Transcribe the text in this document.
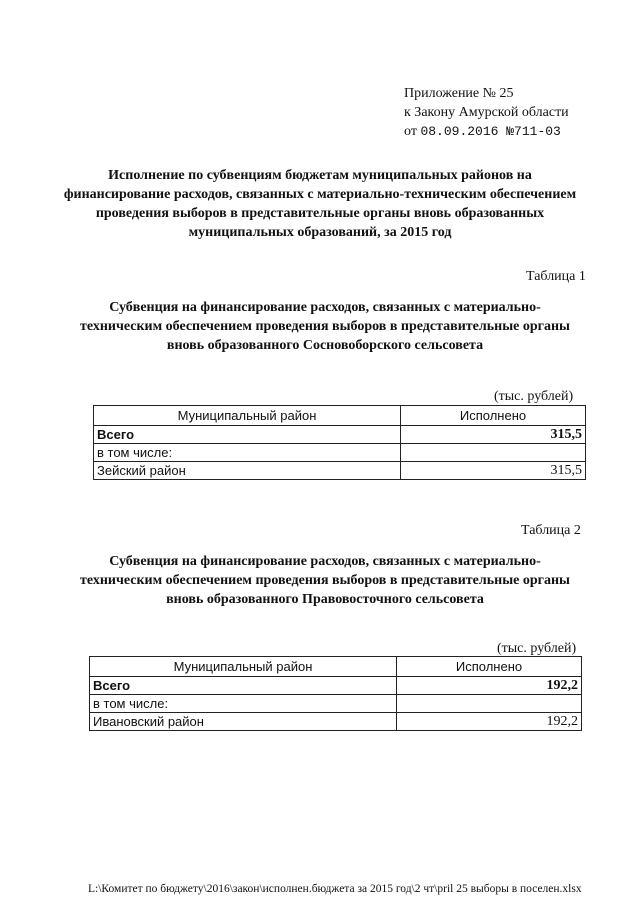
Приложение № 25
к Закону Амурской области
от 08.09.2016 №711-03
Исполнение по субвенциям бюджетам муниципальных районов на финансирование расходов, связанных с материально-техническим обеспечением проведения выборов в представительные органы вновь образованных муниципальных образований, за 2015 год
Таблица 1
Субвенция на финансирование расходов, связанных с материально-техническим обеспечением проведения выборов в представительные органы вновь образованного Сосновоборского сельсовета
(тыс. рублей)
Муниципальный район	Исполнено
Всего	315,5
в том числе:	
Зейский район	315,5
Таблица 2
Субвенция на финансирование расходов, связанных с материально-техническим обеспечением проведения выборов в представительные органы вновь образованного Правовосточного сельсовета
(тыс. рублей)
Муниципальный район	Исполнено
Всего	192,2
в том числе:	
Ивановский район	192,2
L:\Комитет по бюджету\2016\закон\исполнен.бюджета за 2015 год\2 чт\pril 25 выборы в поселен.xlsx
